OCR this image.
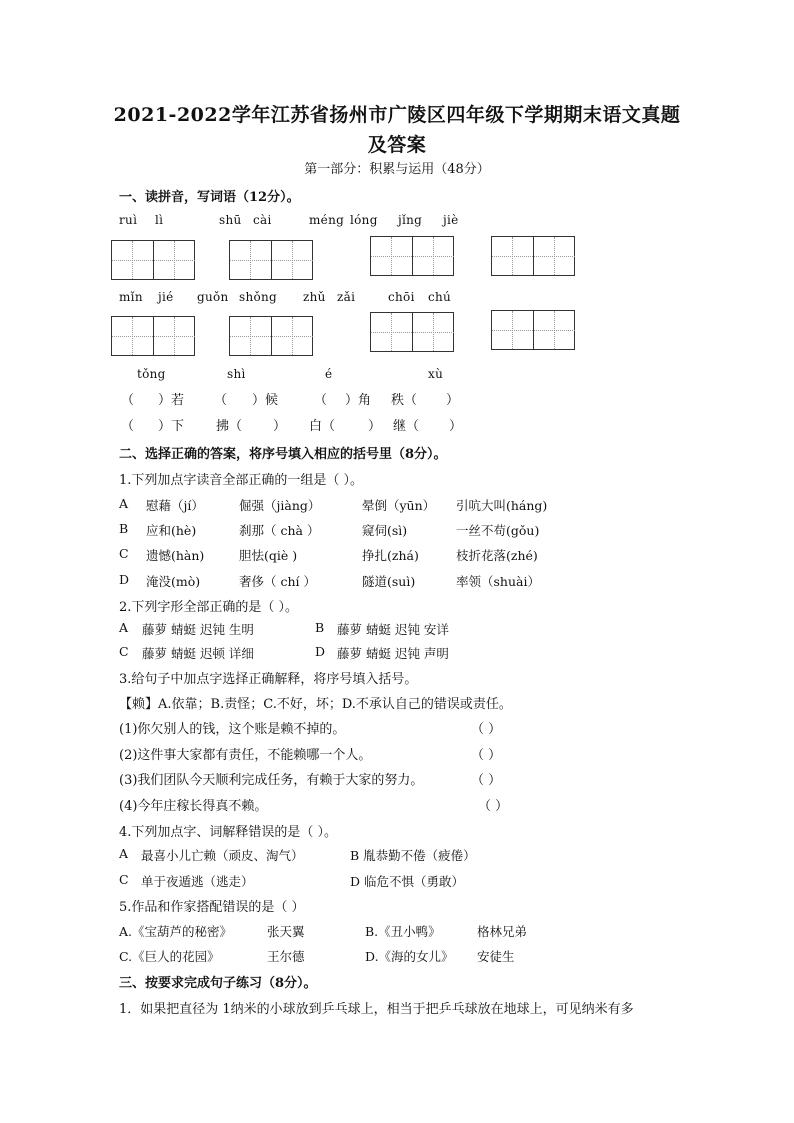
2021-2022学年江苏省扬州市广陵区四年级下学期期末语文真题
及答案
第一部分：积累与运用（48分）
一、读拼音，写词语（12分）。
ruì lì	shū cài	méng lóng jǐng jiè
mǐn jié guǒn shǒng zhǔ zǎi	chōi chú
tǒng	shì	é	xù
（ ）若 （ ）候	（ ）角 秩（ ）
（ ）下 拂（ ） 白（	） 继（ ）
二、选择正确的答案，将序号填入相应的括号里（8分）。
1.下列加点字读音全部正确的一组是（ ）。
A 慰藉（jí）	倔强（jiàng）	晕倒（yūn） 引吭大叫(háng)
B 应和(hè)	刹那（ chà ）	窥伺(sì)	一丝不苟(gǒu)
C 遗憾(hàn)	胆怯(qiè )	挣扎(zhá)	枝折花落(zhé)
D 淹没(mò)	奢侈（ chí ）	隧道(suì)	率领（shuài）
2.下列字形全部正确的是（ ）。
A 藤萝 蜻蜓 迟钝 生明	B 藤萝 蜻蜓 迟钝 安详
C 藤萝 蜻蜓 迟顿 详细	D 藤萝 蜻蜓 迟钝 声明
3.给句子中加点字选择正确解释，将序号填入括号。
【赖】A.依靠；B.责怪；C.不好，坏；D.不承认自己的错误或责任。
(1)你欠别人的钱，这个账是赖不掉的。	（ ）
(2)这件事大家都有责任，不能赖哪一个人。	（ ）
(3)我们团队今天顺利完成任务，有赖于大家的努力。	（ ）
(4)今年庄稼长得真不赖。	（ ）
4.下列加点字、词解释错误的是（ ）。
A 最喜小儿亡赖（顽皮、淘气）	B 胤恭勤不倦（疲倦）
C 单于夜遁逃（逃走）	D 临危不惧（勇敢）
5.作品和作家搭配错误的是（ ）
A.《宝葫芦的秘密》	张天翼	B.《丑小鸭》	格林兄弟
C.《巨人的花园》	王尔德	D.《海的女儿》 安徒生
三、按要求完成句子练习（8分）。
1．如果把直径为 1纳米的小球放到乒乓球上，相当于把乒乓球放在地球上，可见纳米有多
